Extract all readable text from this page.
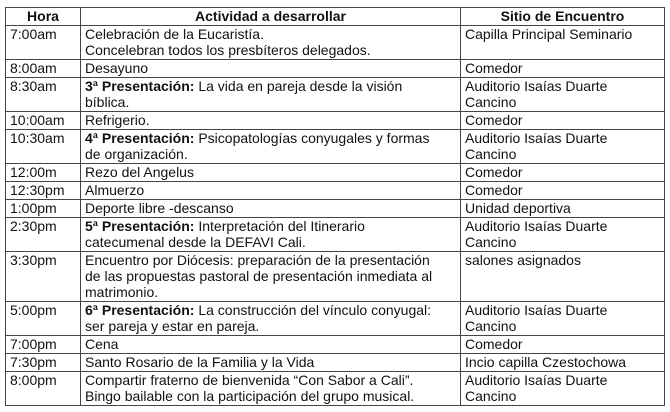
Hora	Actividad a desarrollar	Sitio de Encuentro
7:00am	Celebración de la Eucaristía.
Concelebran todos los presbíteros delegados.	Capilla Principal Seminario

8:00am	Desayuno	Comedor

8:30am	3ª Presentación: La vida en pareja desde la visión
bíblica.	Auditorio Isaías Duarte
Cancino

10:00am	Refrigerio.	Comedor

10:30am	4ª Presentación: Psicopatologías conyugales y formas
de organización.	Auditorio Isaías Duarte
Cancino

12:00m	Rezo del Angelus	Comedor

12:30pm	Almuerzo	Comedor

1:00pm	Deporte libre -descanso	Unidad deportiva

2:30pm	5ª Presentación: Interpretación del Itinerario
catecumenal desde la DEFAVI Cali.	Auditorio Isaías Duarte
Cancino

3:30pm	Encuentro por Diócesis: preparación de la presentación
de las propuestas pastoral de presentación inmediata al
matrimonio.	salones asignados

5:00pm	6ª Presentación: La construcción del vínculo conyugal:
ser pareja y estar en pareja.	Auditorio Isaías Duarte
Cancino

7:00pm	Cena	Comedor

7:30pm	Santo Rosario de la Familia y la Vida	Incio capilla Czestochowa

8:00pm	Compartir fraterno de bienvenida “Con Sabor a Cali”.
Bingo bailable con la participación del grupo musical.	Auditorio Isaías Duarte
Cancino
